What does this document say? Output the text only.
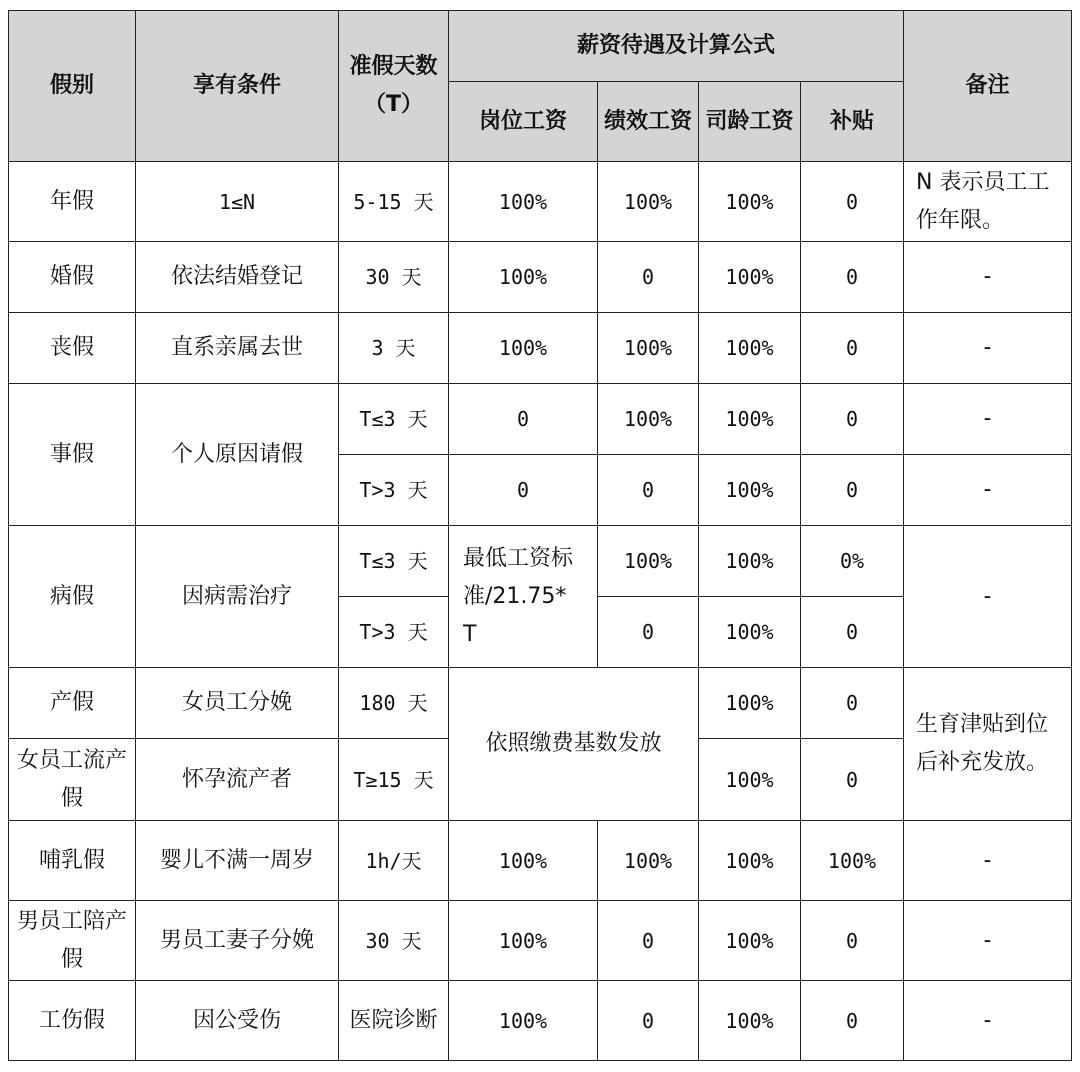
假别	享有条件	准假天数（T）	薪资待遇及计算公式				备注
			岗位工资	绩效工资	司龄工资	补贴	
年假	1≤N	5-15 天	100%	100%	100%	0	N 表示员工工作年限。
婚假	依法结婚登记	30 天	100%	0	100%	0	-
丧假	直系亲属去世	3 天	100%	100%	100%	0	-
事假	个人原因请假	T≤3 天	0	100%	100%	0	-
		T>3 天	0	0	100%	0	-
病假	因病需治疗	T≤3 天	最低工资标准/21.75*T	100%	100%	0%	-
		T>3 天		0	100%	0	
产假	女员工分娩	180 天	依照缴费基数发放		100%	0	生育津贴到位后补充发放。
女员工流产假	怀孕流产者	T≥15 天			100%	0	
哺乳假	婴儿不满一周岁	1h/天	100%	100%	100%	100%	-
男员工陪产假	男员工妻子分娩	30 天	100%	0	100%	0	-
工伤假	因公受伤	医院诊断	100%	0	100%	0	-
